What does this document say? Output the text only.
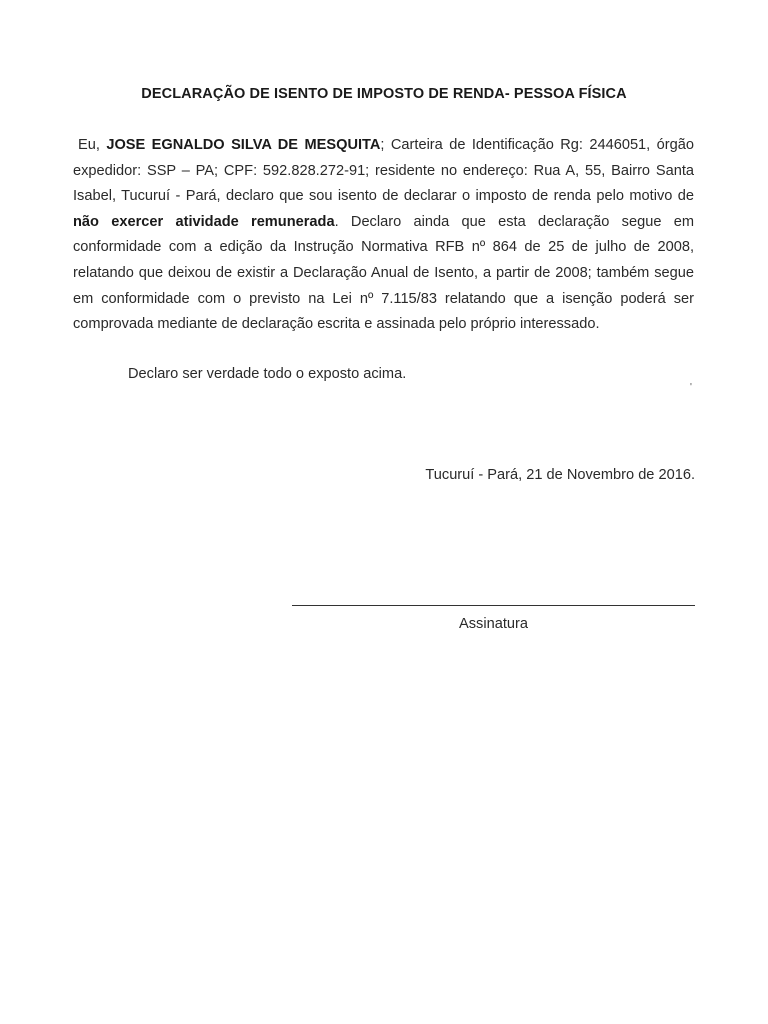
DECLARAÇÃO DE ISENTO DE IMPOSTO DE RENDA- PESSOA FÍSICA

Eu, JOSE EGNALDO SILVA DE MESQUITA; Carteira de Identificação Rg: 2446051, órgão expedidor: SSP – PA; CPF: 592.828.272-91; residente no endereço: Rua A, 55, Bairro Santa Isabel, Tucuruí - Pará, declaro que sou isento de declarar o imposto de renda pelo motivo de não exercer atividade remunerada. Declaro ainda que esta declaração segue em conformidade com a edição da Instrução Normativa RFB nº 864 de 25 de julho de 2008, relatando que deixou de existir a Declaração Anual de Isento, a partir de 2008; também segue em conformidade com o previsto na Lei nº 7.115/83 relatando que a isenção poderá ser comprovada mediante de declaração escrita e assinada pelo próprio interessado.

Declaro ser verdade todo o exposto acima.
'
Tucuruí - Pará, 21 de Novembro de 2016.
Assinatura
